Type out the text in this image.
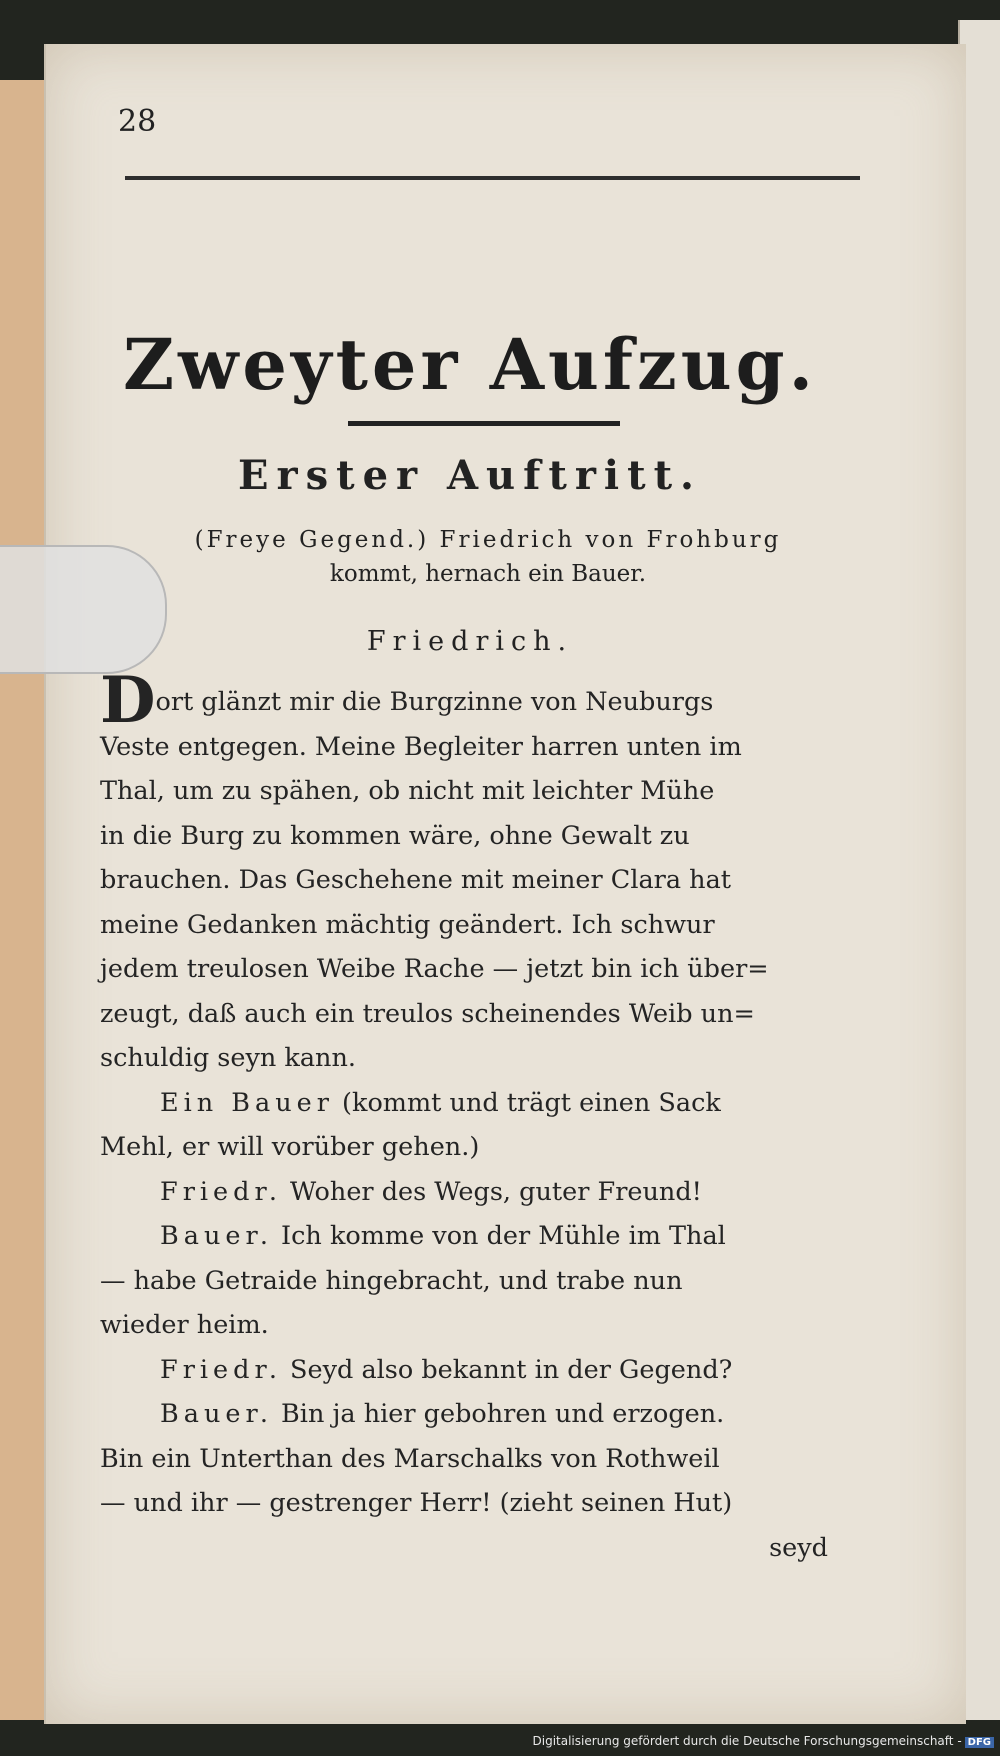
28
Zweyter Aufzug.
Erster Auftritt.
(Freye Gegend.) Friedrich von Frohburg
kommt, hernach ein Bauer.
Friedrich.
Dort glänzt mir die Burgzinne von Neuburgs
Veste entgegen. Meine Begleiter harren unten im
Thal, um zu spähen, ob nicht mit leichter Mühe
in die Burg zu kommen wäre, ohne Gewalt zu
brauchen. Das Geschehene mit meiner Clara hat
meine Gedanken mächtig geändert. Ich schwur
jedem treulosen Weibe Rache — jetzt bin ich über=
zeugt, daß auch ein treulos scheinendes Weib un=
schuldig seyn kann.
Ein Bauer (kommt und trägt einen Sack
Mehl, er will vorüber gehen.)
Friedr. Woher des Wegs, guter Freund!
Bauer. Ich komme von der Mühle im Thal
— habe Getraide hingebracht, und trabe nun
wieder heim.
Friedr. Seyd also bekannt in der Gegend?
Bauer. Bin ja hier gebohren und erzogen.
Bin ein Unterthan des Marschalks von Rothweil
— und ihr — gestrenger Herr! (zieht seinen Hut)
seyd
Digitalisierung gefördert durch die Deutsche Forschungsgemeinschaft - DFG
